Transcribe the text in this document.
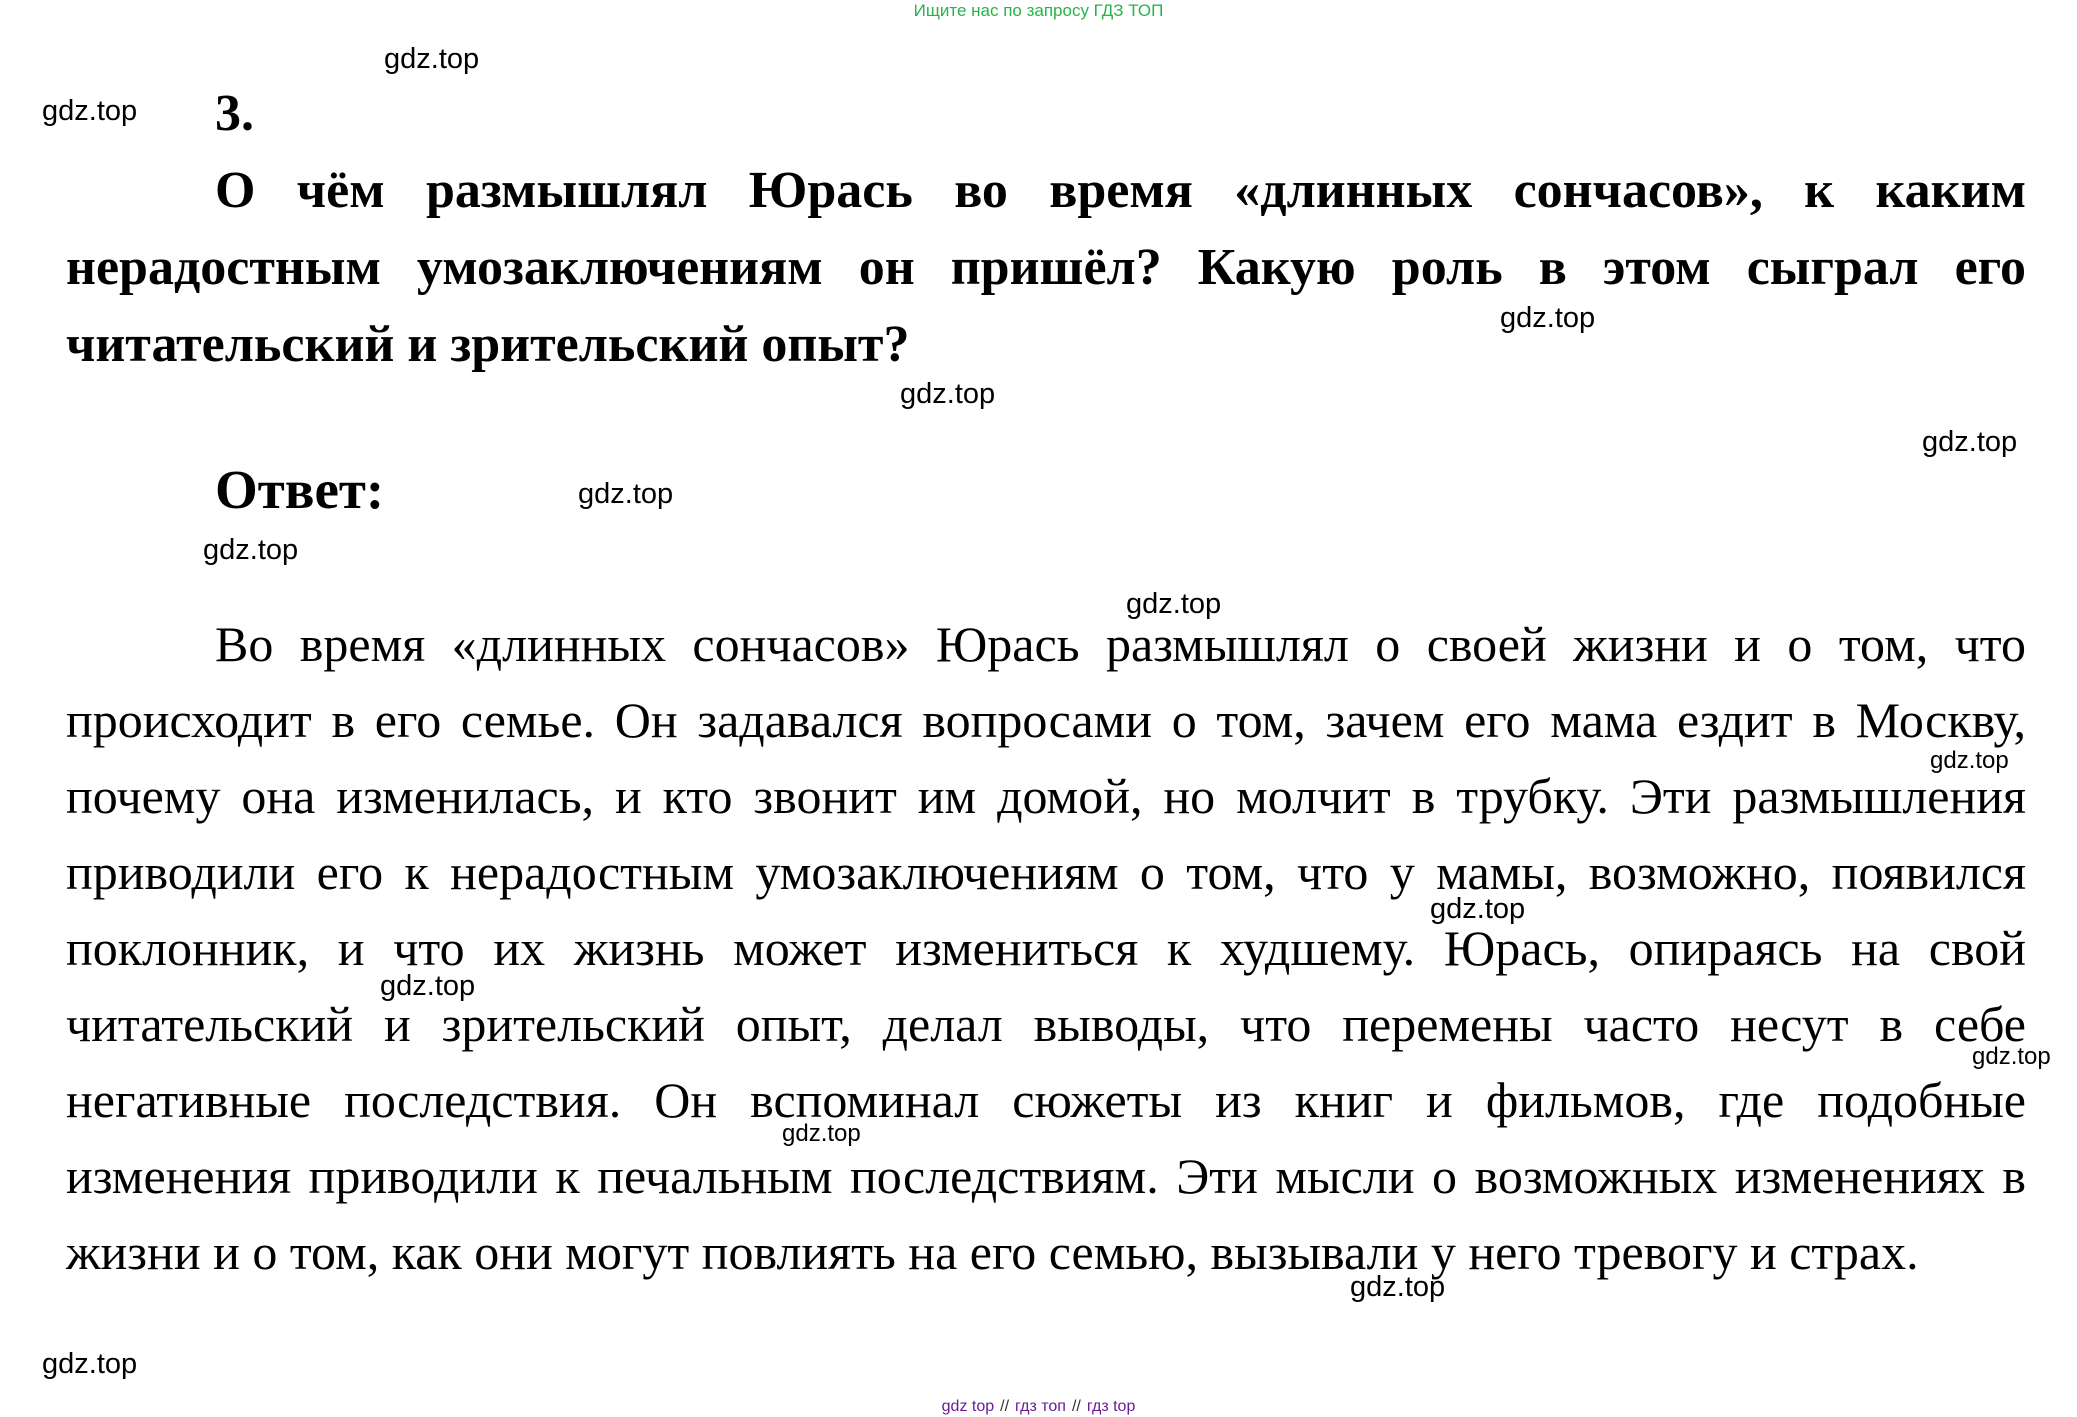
Ищите нас по запросу ГДЗ ТОП
gdz.top
gdz.top
gdz.top
gdz.top
gdz.top
gdz.top
gdz.top
gdz.top
gdz.top
gdz.top
gdz.top
gdz.top
gdz.top
gdz.top
gdz.top
3.

О чём размышлял Юрась во время «длинных сончасов», к каким нерадостным умозаключениям он пришёл? Какую роль в этом сыграл его читательский и зрительский опыт?

Ответ:

Во время «длинных сончасов» Юрась размышлял о своей жизни и о том, что происходит в его семье. Он задавался вопросами о том, зачем его мама ездит в Москву, почему она изменилась, и кто звонит им домой, но молчит в трубку. Эти размышления приводили его к нерадостным умозаключениям о том, что у мамы, возможно, появился поклонник, и что их жизнь может измениться к худшему. Юрась, опираясь на свой читательский и зрительский опыт, делал выводы, что перемены часто несут в себе негативные последствия. Он вспоминал сюжеты из книг и фильмов, где подобные изменения приводили к печальным последствиям. Эти мысли о возможных изменениях в жизни и о том, как они могут повлиять на его семью, вызывали у него тревогу и страх.

gdz top // гдз топ // гдз top
